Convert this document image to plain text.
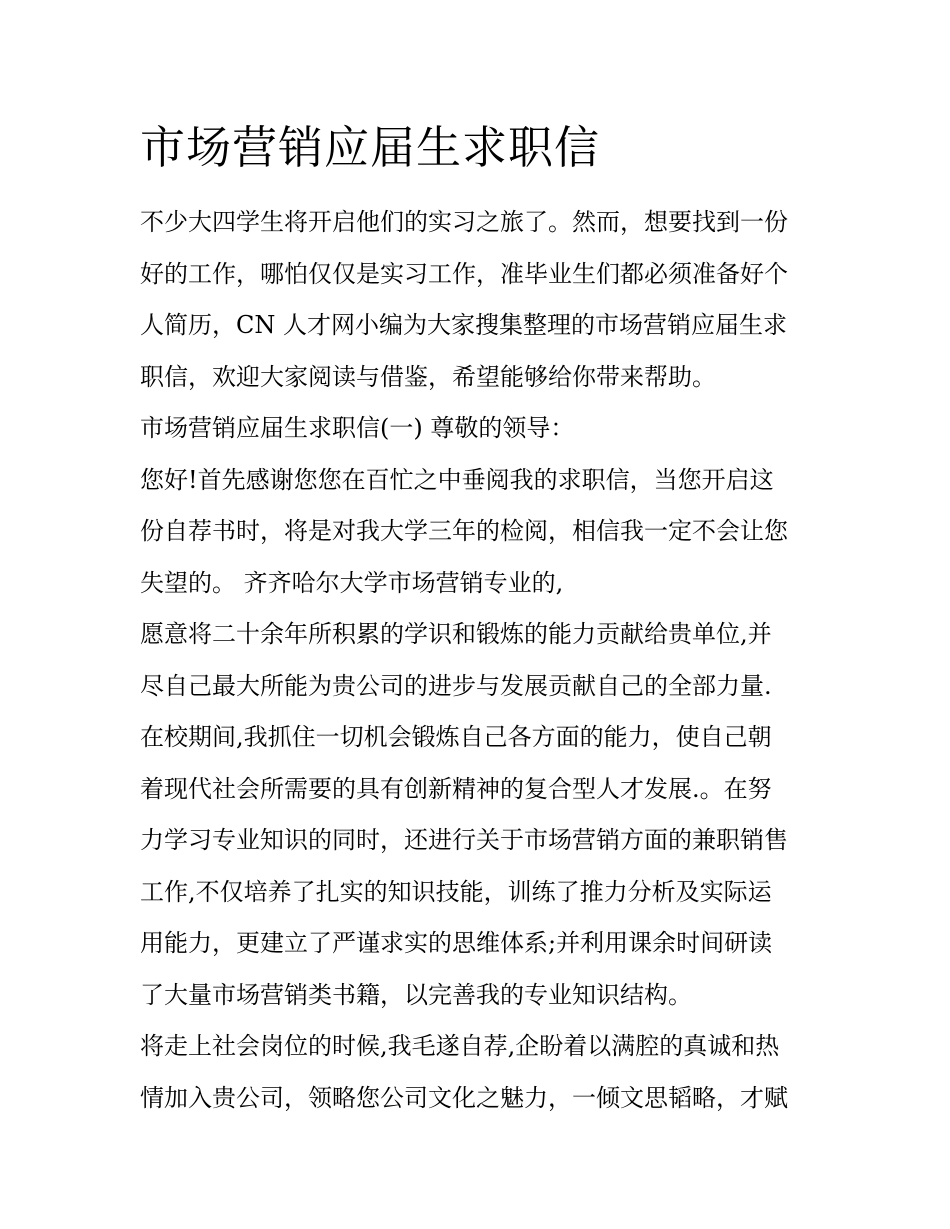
市场营销应届生求职信
不少大四学生将开启他们的实习之旅了。然而，想要找到一份
好的工作，哪怕仅仅是实习工作，准毕业生们都必须准备好个
人简历，CN 人才网小编为大家搜集整理的市场营销应届生求
职信，欢迎大家阅读与借鉴，希望能够给你带来帮助。
市场营销应届生求职信(一) 尊敬的领导：
您好!首先感谢您您在百忙之中垂阅我的求职信，当您开启这
份自荐书时，将是对我大学三年的检阅，相信我一定不会让您
失望的。 齐齐哈尔大学市场营销专业的,
愿意将二十余年所积累的学识和锻炼的能力贡献给贵单位,并
尽自己最大所能为贵公司的进步与发展贡献自己的全部力量.
在校期间,我抓住一切机会锻炼自己各方面的能力，使自己朝
着现代社会所需要的具有创新精神的复合型人才发展.。在努
力学习专业知识的同时，还进行关于市场营销方面的兼职销售
工作,不仅培养了扎实的知识技能，训练了推力分析及实际运
用能力，更建立了严谨求实的思维体系;并利用课余时间研读
了大量市场营销类书籍，以完善我的专业知识结构。
将走上社会岗位的时候,我毛遂自荐,企盼着以满腔的真诚和热
情加入贵公司，领略您公司文化之魅力，一倾文思韬略，才赋
